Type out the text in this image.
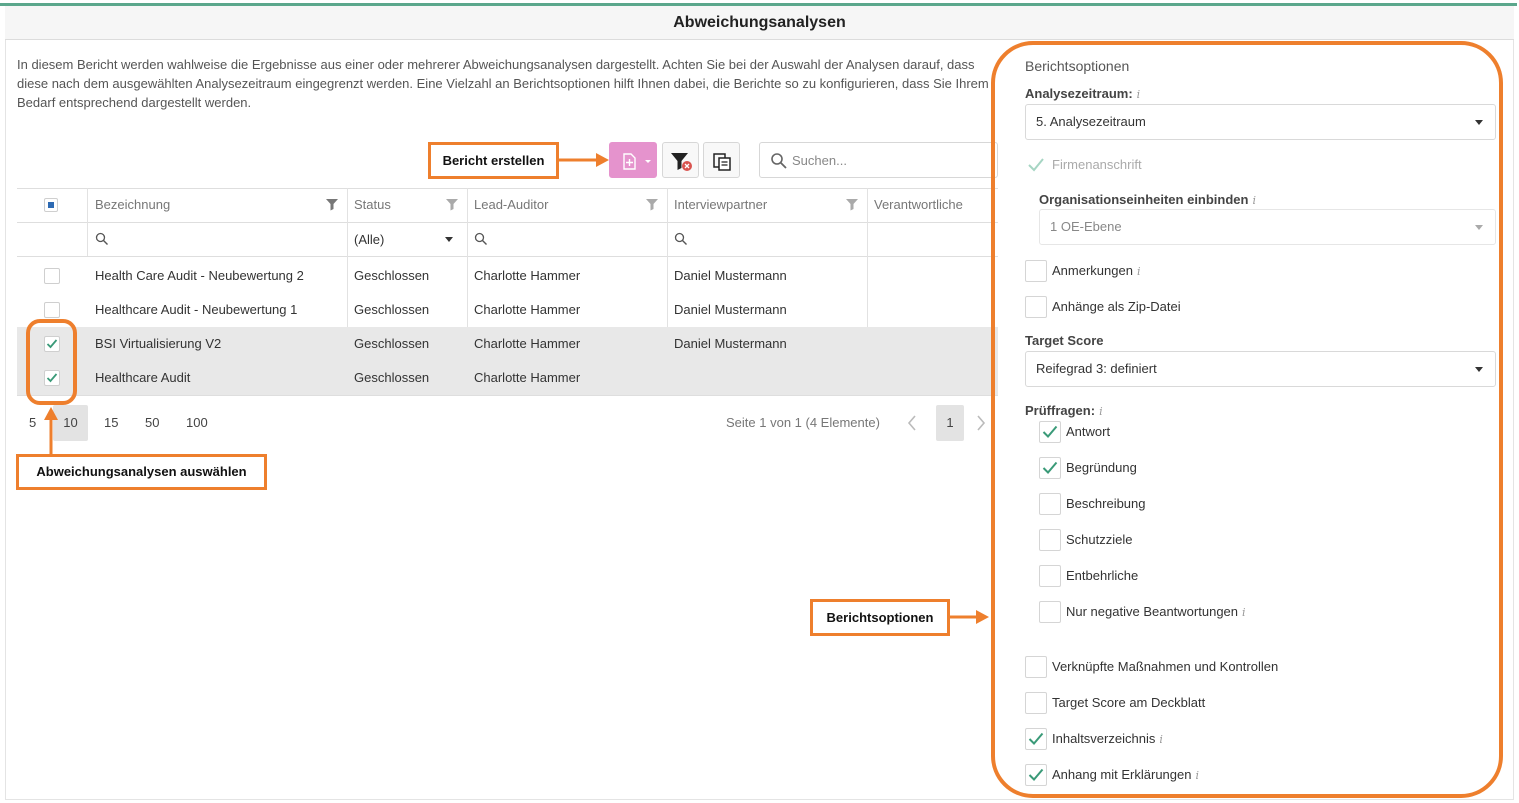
Abweichungsanalysen

In diesem Bericht werden wahlweise die Ergebnisse aus einer oder mehrerer Abweichungsanalysen dargestellt. Achten Sie bei der Auswahl der Analysen darauf, dass diese nach dem ausgewählten Analysezeitraum eingegrenzt werden. Eine Vielzahl an Berichtsoptionen hilft Ihnen dabei, die Berichte so zu konfigurieren, dass Sie Ihrem Bedarf entsprechend dargestellt werden.

Suchen...
Bezeichnung	Status	Lead-Auditor	Interviewpartner	Verantwortliche
(Alle)
Health Care Audit - Neubewertung 2	Geschlossen	Charlotte Hammer	Daniel Mustermann
Healthcare Audit - Neubewertung 1	Geschlossen	Charlotte Hammer	Daniel Mustermann
BSI Virtualisierung V2	Geschlossen	Charlotte Hammer	Daniel Mustermann
Healthcare Audit	Geschlossen	Charlotte Hammer
5	10	15 50 100	Seite 1 von 1 (4 Elemente)	1
Berichtsoptionen
Analysezeitraum: i
5. Analysezeitraum
Firmenanschrift
Organisationseinheiten einbinden i
1 OE-Ebene
Anmerkungen i
Anhänge als Zip-Datei
Target Score
Reifegrad 3: definiert
Prüffragen: i
Antwort
Begründung
Beschreibung
Schutzziele
Entbehrliche
Nur negative Beantwortungen i
Verknüpfte Maßnahmen und Kontrollen
Target Score am Deckblatt
Inhaltsverzeichnis i
Anhang mit Erklärungen i
Bericht erstellen
Abweichungsanalysen auswählen
Berichtsoptionen
